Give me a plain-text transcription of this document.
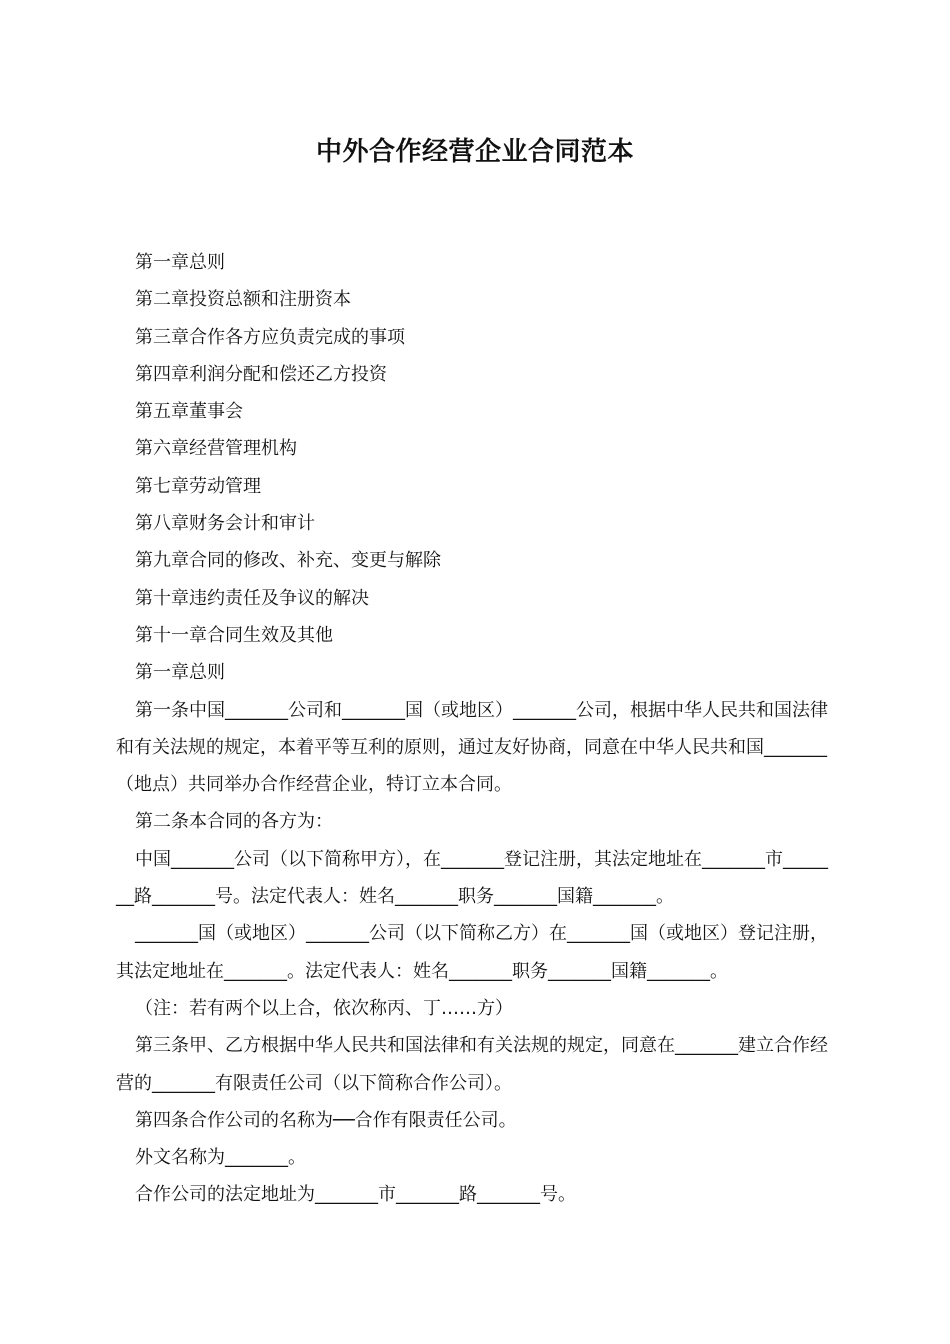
中外合作经营企业合同范本

第一章总则

第二章投资总额和注册资本

第三章合作各方应负责完成的事项

第四章利润分配和偿还乙方投资

第五章董事会

第六章经营管理机构

第七章劳动管理

第八章财务会计和审计

第九章合同的修改、补充、变更与解除

第十章违约责任及争议的解决

第十一章合同生效及其他

第一章总则

第一条中国_______公司和_______国（或地区）_______公司，根据中华人民共和国法律和有关法规的规定，本着平等互利的原则，通过友好协商，同意在中华人民共和国_______（地点）共同举办合作经营企业，特订立本合同。

第二条本合同的各方为：

中国_______公司（以下简称甲方），在_______登记注册，其法定地址在_______市_______路_______号。法定代表人：姓名_______职务_______国籍_______。

_______国（或地区）_______公司（以下简称乙方）在_______国（或地区）登记注册，其法定地址在_______。法定代表人：姓名_______职务_______国籍_______。

（注：若有两个以上合，依次称丙、丁……方）

第三条甲、乙方根据中华人民共和国法律和有关法规的规定，同意在_______建立合作经营的_______有限责任公司（以下简称合作公司）。

第四条合作公司的名称为──合作有限责任公司。

外文名称为_______。

合作公司的法定地址为_______市_______路_______号。
